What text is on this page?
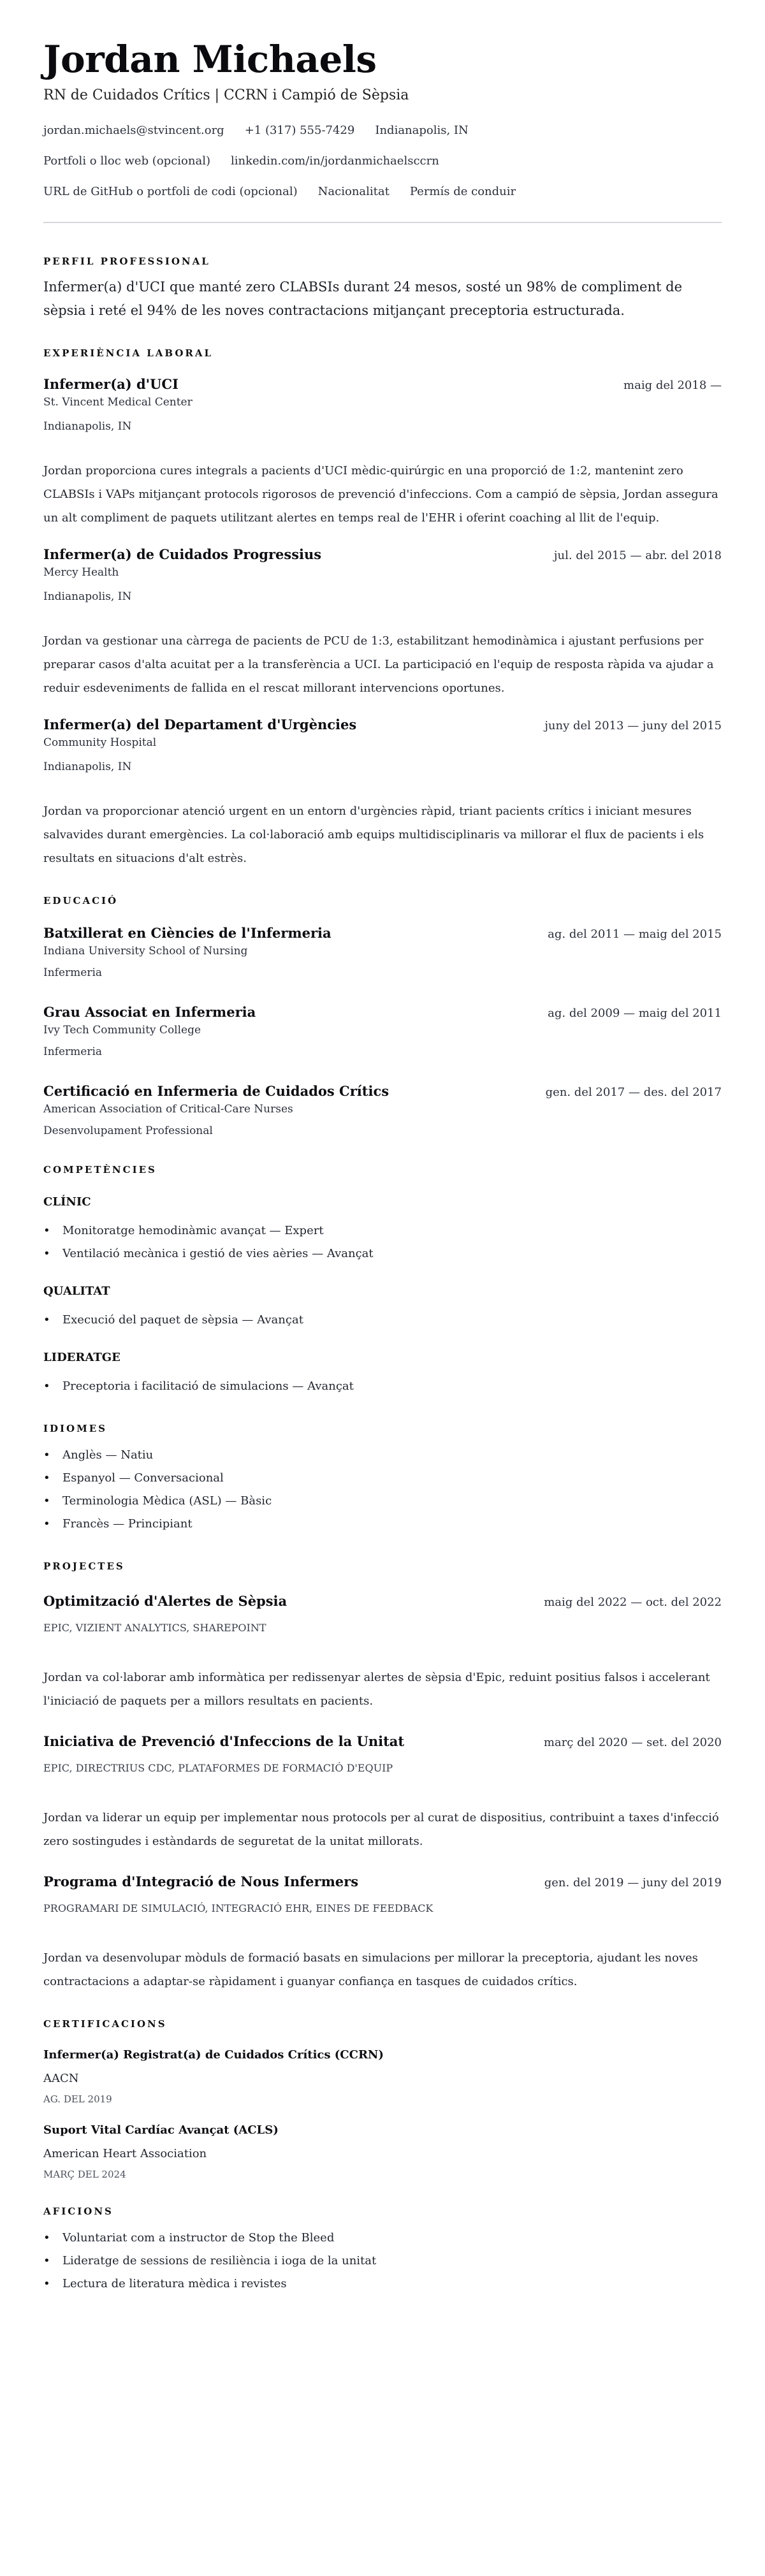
Jordan Michaels
RN de Cuidados Crítics | CCRN i Campió de Sèpsia
jordan.michaels@stvincent.org +1 (317) 555-7429 Indianapolis, IN
Portfoli o lloc web (opcional) linkedin.com/in/jordanmichaelsccrn
URL de GitHub o portfoli de codi (opcional) Nacionalitat Permís de conduir
PERFIL PROFESSIONAL

Infermer(a) d'UCI que manté zero CLABSIs durant 24 mesos, sosté un 98% de compliment de sèpsia i reté el 94% de les noves contractacions mitjançant preceptoria estructurada.

EXPERIÈNCIA LABORAL
Infermer(a) d'UCI	maig del 2018 —
St. Vincent Medical Center
Indianapolis, IN

Jordan proporciona cures integrals a pacients d'UCI mèdic-quirúrgic en una proporció de 1:2, mantenint zero CLABSIs i VAPs mitjançant protocols rigorosos de prevenció d'infeccions. Com a campió de sèpsia, Jordan assegura un alt compliment de paquets utilitzant alertes en temps real de l'EHR i oferint coaching al llit de l'equip.

Infermer(a) de Cuidados Progressius	jul. del 2015 — abr. del 2018
Mercy Health
Indianapolis, IN

Jordan va gestionar una càrrega de pacients de PCU de 1:3, estabilitzant hemodinàmica i ajustant perfusions per preparar casos d'alta acuitat per a la transferència a UCI. La participació en l'equip de resposta ràpida va ajudar a reduir esdeveniments de fallida en el rescat millorant intervencions oportunes.

Infermer(a) del Departament d'Urgències	juny del 2013 — juny del 2015
Community Hospital
Indianapolis, IN

Jordan va proporcionar atenció urgent en un entorn d'urgències ràpid, triant pacients crítics i iniciant mesures salvavides durant emergències. La col·laboració amb equips multidisciplinaris va millorar el flux de pacients i els resultats en situacions d'alt estrès.

EDUCACIÓ
Batxillerat en Ciències de l'Infermeria	ag. del 2011 — maig del 2015
Indiana University School of Nursing
Infermeria
Grau Associat en Infermeria	ag. del 2009 — maig del 2011
Ivy Tech Community College
Infermeria
Certificació en Infermeria de Cuidados Crítics	gen. del 2017 — des. del 2017
American Association of Critical-Care Nurses
Desenvolupament Professional
COMPETÈNCIES
CLÍNIC
• Monitoratge hemodinàmic avançat — Expert
• Ventilació mecànica i gestió de vies aèries — Avançat
QUALITAT
• Execució del paquet de sèpsia — Avançat
LIDERATGE
• Preceptoria i facilitació de simulacions — Avançat
IDIOMES
• Anglès — Natiu
• Espanyol — Conversacional
• Terminologia Mèdica (ASL) — Bàsic
• Francès — Principiant
PROJECTES
Optimització d'Alertes de Sèpsia	maig del 2022 — oct. del 2022
EPIC, VIZIENT ANALYTICS, SHAREPOINT

Jordan va col·laborar amb informàtica per redissenyar alertes de sèpsia d'Epic, reduint positius falsos i accelerant l'iniciació de paquets per a millors resultats en pacients.

Iniciativa de Prevenció d'Infeccions de la Unitat	març del 2020 — set. del 2020
EPIC, DIRECTRIUS CDC, PLATAFORMES DE FORMACIÓ D'EQUIP

Jordan va liderar un equip per implementar nous protocols per al curat de dispositius, contribuint a taxes d'infecció zero sostingudes i estàndards de seguretat de la unitat millorats.

Programa d'Integració de Nous Infermers	gen. del 2019 — juny del 2019
PROGRAMARI DE SIMULACIÓ, INTEGRACIÓ EHR, EINES DE FEEDBACK

Jordan va desenvolupar mòduls de formació basats en simulacions per millorar la preceptoria, ajudant les noves contractacions a adaptar-se ràpidament i guanyar confiança en tasques de cuidados crítics.

CERTIFICACIONS
Infermer(a) Registrat(a) de Cuidados Crítics (CCRN)
AACN
AG. DEL 2019
Suport Vital Cardíac Avançat (ACLS)
American Heart Association
MARÇ DEL 2024
AFICIONS
• Voluntariat com a instructor de Stop the Bleed
• Lideratge de sessions de resiliència i ioga de la unitat
• Lectura de literatura mèdica i revistes
